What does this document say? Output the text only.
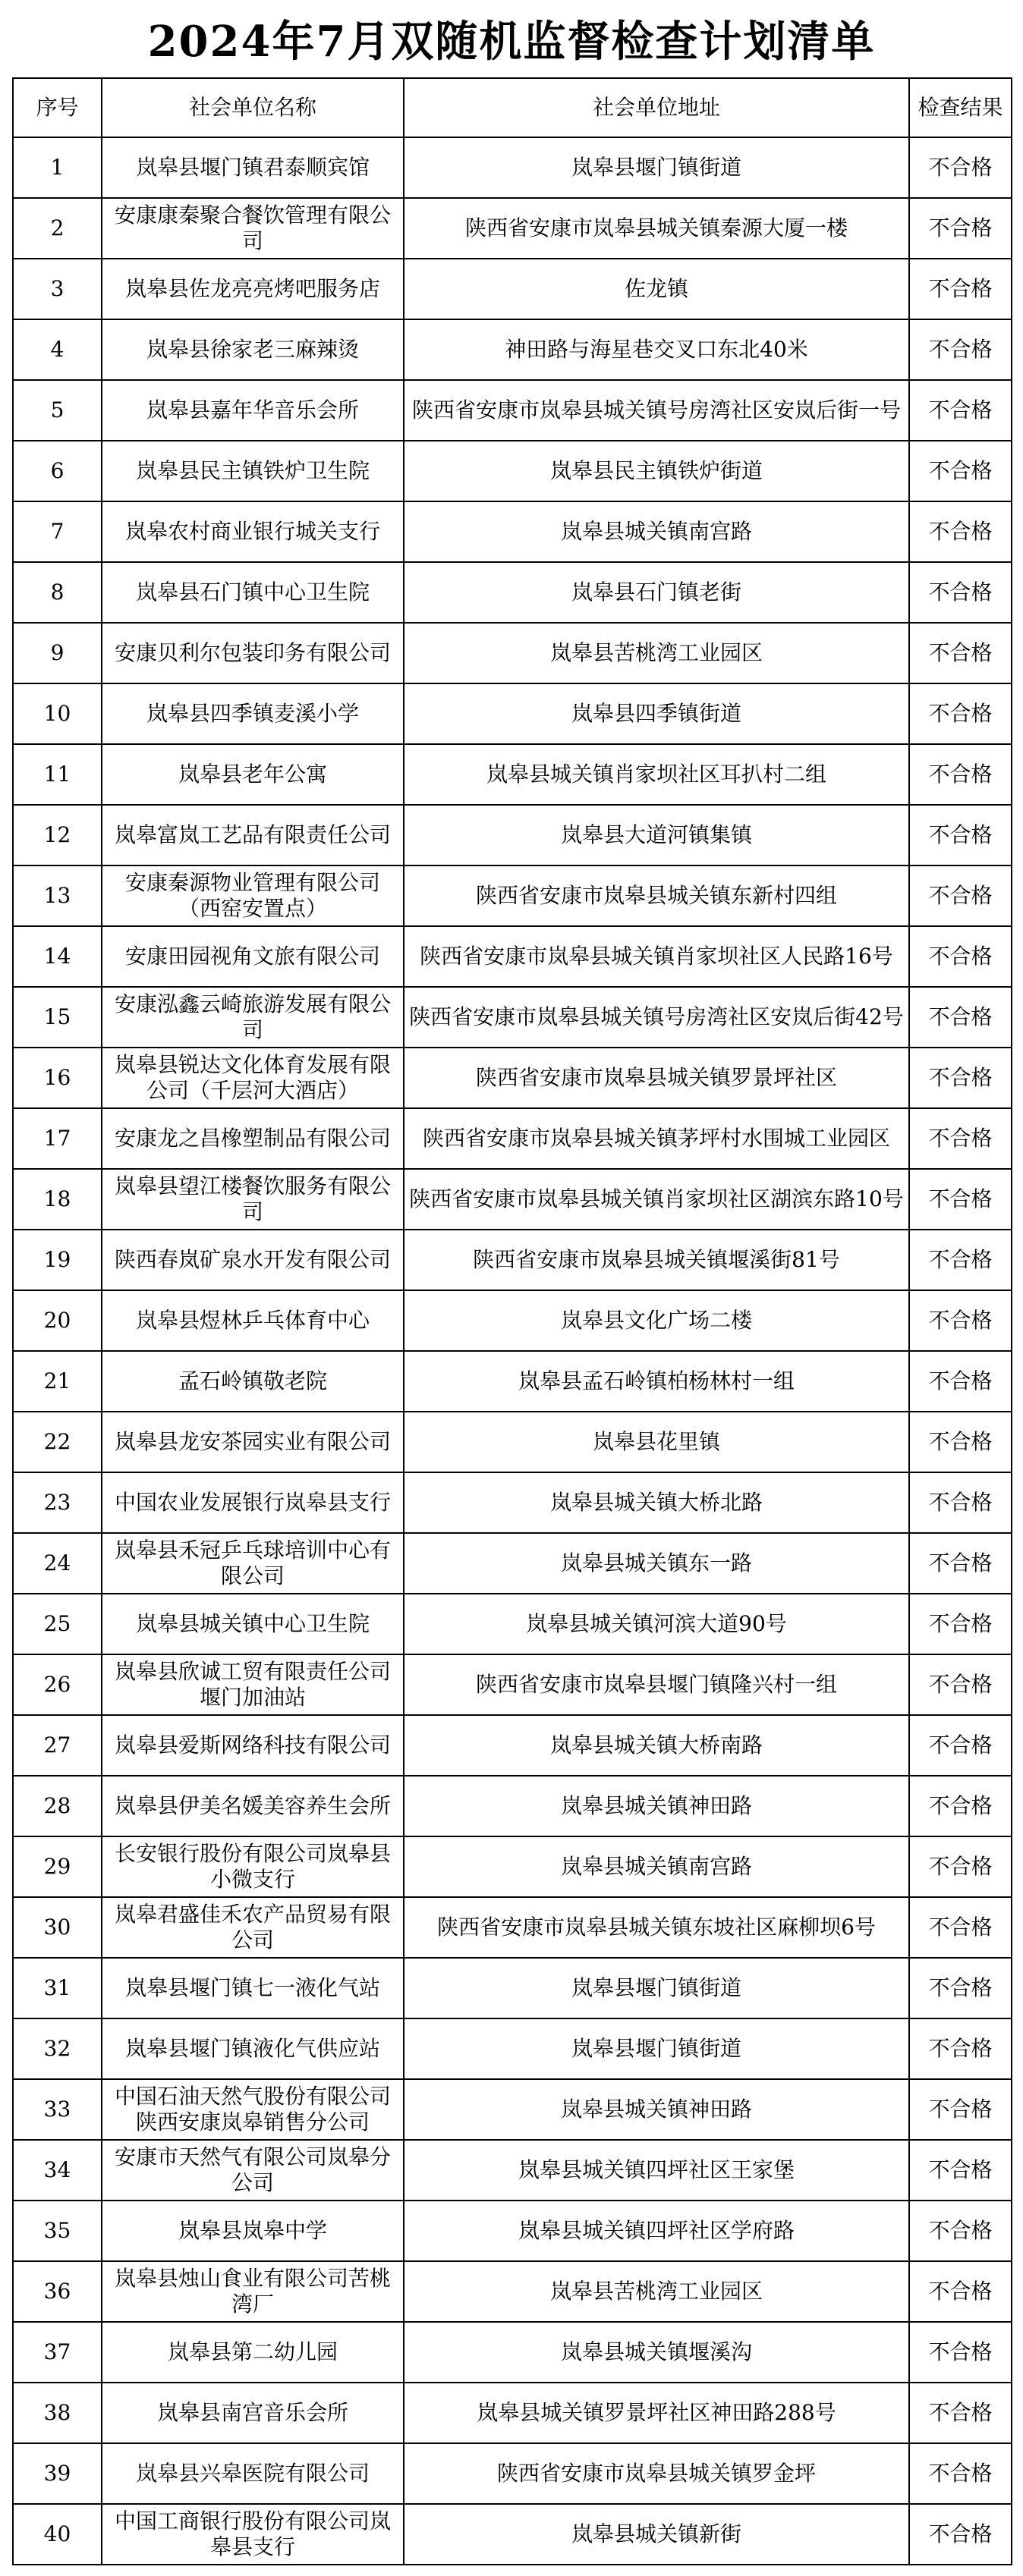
2024年7月双随机监督检查计划清单
序号	社会单位名称	社会单位地址	检查结果
1	岚皋县堰门镇君泰顺宾馆	岚皋县堰门镇街道	不合格
2	安康康秦聚合餐饮管理有限公司	陕西省安康市岚皋县城关镇秦源大厦一楼	不合格
3	岚皋县佐龙亮亮烤吧服务店	佐龙镇	不合格
4	岚皋县徐家老三麻辣烫	神田路与海星巷交叉口东北40米	不合格
5	岚皋县嘉年华音乐会所	陕西省安康市岚皋县城关镇号房湾社区安岚后街一号	不合格
6	岚皋县民主镇铁炉卫生院	岚皋县民主镇铁炉街道	不合格
7	岚皋农村商业银行城关支行	岚皋县城关镇南宫路	不合格
8	岚皋县石门镇中心卫生院	岚皋县石门镇老街	不合格
9	安康贝利尔包装印务有限公司	岚皋县苦桃湾工业园区	不合格
10	岚皋县四季镇麦溪小学	岚皋县四季镇街道	不合格
11	岚皋县老年公寓	岚皋县城关镇肖家坝社区耳扒村二组	不合格
12	岚皋富岚工艺品有限责任公司	岚皋县大道河镇集镇	不合格
13	安康秦源物业管理有限公司（西窑安置点）	陕西省安康市岚皋县城关镇东新村四组	不合格
14	安康田园视角文旅有限公司	陕西省安康市岚皋县城关镇肖家坝社区人民路16号	不合格
15	安康泓鑫云崎旅游发展有限公司	陕西省安康市岚皋县城关镇号房湾社区安岚后街42号	不合格
16	岚皋县锐达文化体育发展有限公司（千层河大酒店）	陕西省安康市岚皋县城关镇罗景坪社区	不合格
17	安康龙之昌橡塑制品有限公司	陕西省安康市岚皋县城关镇茅坪村水围城工业园区	不合格
18	岚皋县望江楼餐饮服务有限公司	陕西省安康市岚皋县城关镇肖家坝社区湖滨东路10号	不合格
19	陕西春岚矿泉水开发有限公司	陕西省安康市岚皋县城关镇堰溪街81号	不合格
20	岚皋县煜林乒乓体育中心	岚皋县文化广场二楼	不合格
21	孟石岭镇敬老院	岚皋县孟石岭镇柏杨林村一组	不合格
22	岚皋县龙安茶园实业有限公司	岚皋县花里镇	不合格
23	中国农业发展银行岚皋县支行	岚皋县城关镇大桥北路	不合格
24	岚皋县禾冠乒乓球培训中心有限公司	岚皋县城关镇东一路	不合格
25	岚皋县城关镇中心卫生院	岚皋县城关镇河滨大道90号	不合格
26	岚皋县欣诚工贸有限责任公司堰门加油站	陕西省安康市岚皋县堰门镇隆兴村一组	不合格
27	岚皋县爱斯网络科技有限公司	岚皋县城关镇大桥南路	不合格
28	岚皋县伊美名媛美容养生会所	岚皋县城关镇神田路	不合格
29	长安银行股份有限公司岚皋县小微支行	岚皋县城关镇南宫路	不合格
30	岚皋君盛佳禾农产品贸易有限公司	陕西省安康市岚皋县城关镇东坡社区麻柳坝6号	不合格
31	岚皋县堰门镇七一液化气站	岚皋县堰门镇街道	不合格
32	岚皋县堰门镇液化气供应站	岚皋县堰门镇街道	不合格
33	中国石油天然气股份有限公司陕西安康岚皋销售分公司	岚皋县城关镇神田路	不合格
34	安康市天然气有限公司岚皋分公司	岚皋县城关镇四坪社区王家堡	不合格
35	岚皋县岚皋中学	岚皋县城关镇四坪社区学府路	不合格
36	岚皋县烛山食业有限公司苦桃湾厂	岚皋县苦桃湾工业园区	不合格
37	岚皋县第二幼儿园	岚皋县城关镇堰溪沟	不合格
38	岚皋县南宫音乐会所	岚皋县城关镇罗景坪社区神田路288号	不合格
39	岚皋县兴皋医院有限公司	陕西省安康市岚皋县城关镇罗金坪	不合格
40	中国工商银行股份有限公司岚皋县支行	岚皋县城关镇新街	不合格
